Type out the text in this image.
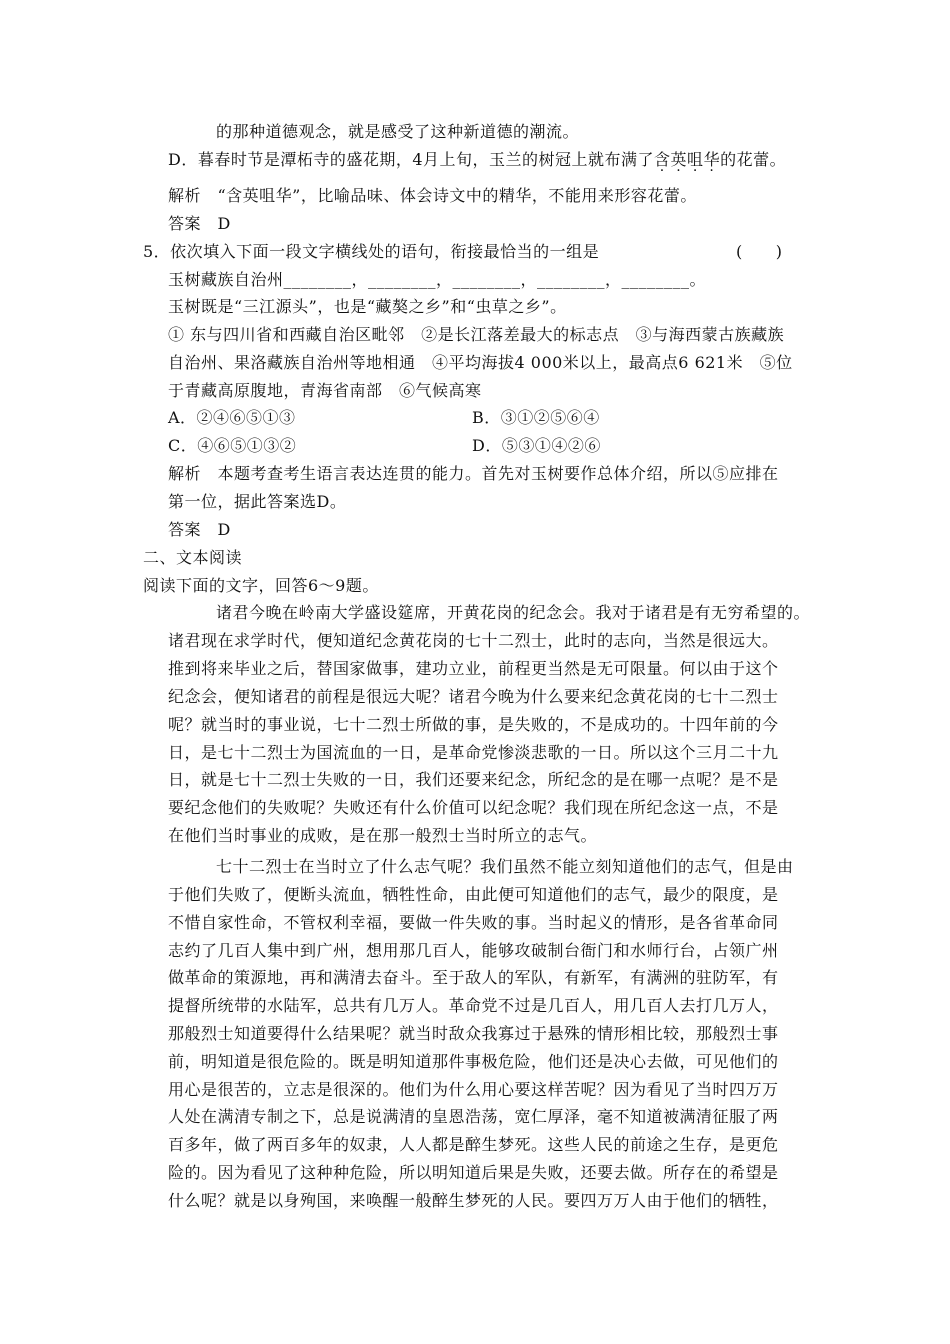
的那种道德观念，就是感受了这种新道德的潮流。
D．暮春时节是潭柘寺的盛花期，4月上旬，玉兰的树冠上就布满了含英咀华的花蕾。
解析　“含英咀华”，比喻品味、体会诗文中的精华，不能用来形容花蕾。
答案　D
5．依次填入下面一段文字横线处的语句，衔接最恰当的一组是	(　　)
玉树藏族自治州________，________，________，________，________。
玉树既是“三江源头”，也是“藏獒之乡”和“虫草之乡”。
① 东与四川省和西藏自治区毗邻　②是长江落差最大的标志点　③与海西蒙古族藏族
自治州、果洛藏族自治州等地相通　④平均海拔4 000米以上，最高点6 621米　⑤位
于青藏高原腹地，青海省南部　⑥气候高寒
A．②④⑥⑤①③	B．③①②⑤⑥④
C．④⑥⑤①③②	D．⑤③①④②⑥
解析　本题考查考生语言表达连贯的能力。首先对玉树要作总体介绍，所以⑤应排在
第一位，据此答案选D。
答案　D
二、文本阅读
阅读下面的文字，回答6～9题。
诸君今晚在岭南大学盛设筵席，开黄花岗的纪念会。我对于诸君是有无穷希望的。
诸君现在求学时代，便知道纪念黄花岗的七十二烈士，此时的志向，当然是很远大。
推到将来毕业之后，替国家做事，建功立业，前程更当然是无可限量。何以由于这个
纪念会，便知诸君的前程是很远大呢？诸君今晚为什么要来纪念黄花岗的七十二烈士
呢？就当时的事业说，七十二烈士所做的事，是失败的，不是成功的。十四年前的今
日，是七十二烈士为国流血的一日，是革命党惨淡悲歌的一日。所以这个三月二十九
日，就是七十二烈士失败的一日，我们还要来纪念，所纪念的是在哪一点呢？是不是
要纪念他们的失败呢？失败还有什么价值可以纪念呢？我们现在所纪念这一点，不是
在他们当时事业的成败，是在那一般烈士当时所立的志气。
七十二烈士在当时立了什么志气呢？我们虽然不能立刻知道他们的志气，但是由
于他们失败了，便断头流血，牺牲性命，由此便可知道他们的志气，最少的限度，是
不惜自家性命，不管权利幸福，要做一件失败的事。当时起义的情形，是各省革命同
志约了几百人集中到广州，想用那几百人，能够攻破制台衙门和水师行台，占领广州
做革命的策源地，再和满清去奋斗。至于敌人的军队，有新军，有满洲的驻防军，有
提督所统带的水陆军，总共有几万人。革命党不过是几百人，用几百人去打几万人，
那般烈士知道要得什么结果呢？就当时敌众我寡过于悬殊的情形相比较，那般烈士事
前，明知道是很危险的。既是明知道那件事极危险，他们还是决心去做，可见他们的
用心是很苦的，立志是很深的。他们为什么用心要这样苦呢？因为看见了当时四万万
人处在满清专制之下，总是说满清的皇恩浩荡，宽仁厚泽，毫不知道被满清征服了两
百多年，做了两百多年的奴隶，人人都是醉生梦死。这些人民的前途之生存，是更危
险的。因为看见了这种种危险，所以明知道后果是失败，还要去做。所存在的希望是
什么呢？就是以身殉国，来唤醒一般醉生梦死的人民。要四万万人由于他们的牺牲，
